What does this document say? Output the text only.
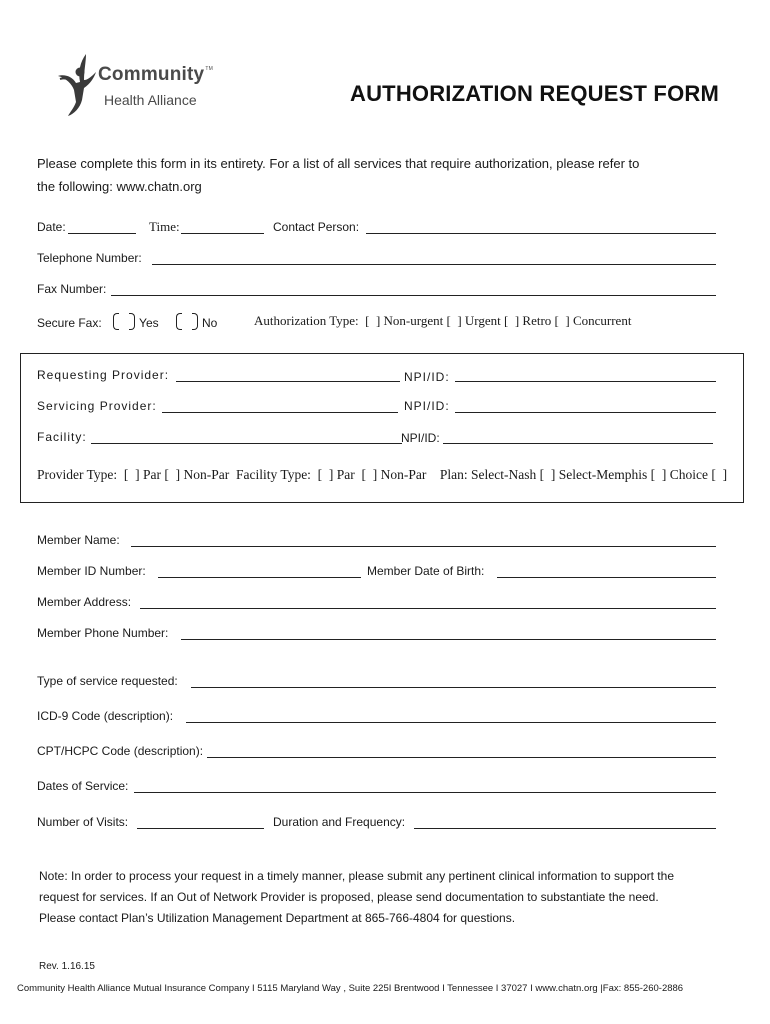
Community™
Health Alliance	AUTHORIZATION REQUEST FORM
Please complete this form in its entirety. For a list of all services that require authorization, please refer to
the following: www.chatn.org
Date:	Time:	Contact Person:
Telephone Number:
Fax Number:
Secure Fax:	Yes	No	Authorization Type:  [  ] Non-urgent [  ] Urgent [  ] Retro [  ] Concurrent
Requesting Provider:	NPI/ID:
Servicing Provider:	NPI/ID:
Facility:	NPI/ID:
Provider Type:  [  ] Par [  ] Non-Par  Facility Type:  [  ] Par  [  ] Non-Par    Plan: Select-Nash [  ] Select-Memphis [  ] Choice [  ]
Member Name:
Member ID Number:	Member Date of Birth:
Member Address:
Member Phone Number:
Type of service requested:
ICD-9 Code (description):
CPT/HCPC Code (description):
Dates of Service:
Number of Visits:	Duration and Frequency:
Note: In order to process your request in a timely manner, please submit any pertinent clinical information to support the
request for services. If an Out of Network Provider is proposed, please send documentation to substantiate the need.
Please contact Plan’s Utilization Management Department at 865-766-4804 for questions.
Rev. 1.16.15
Community Health Alliance Mutual Insurance Company I 5115 Maryland Way , Suite 225I Brentwood I Tennessee I 37027 I www.chatn.org |Fax: 855-260-2886
